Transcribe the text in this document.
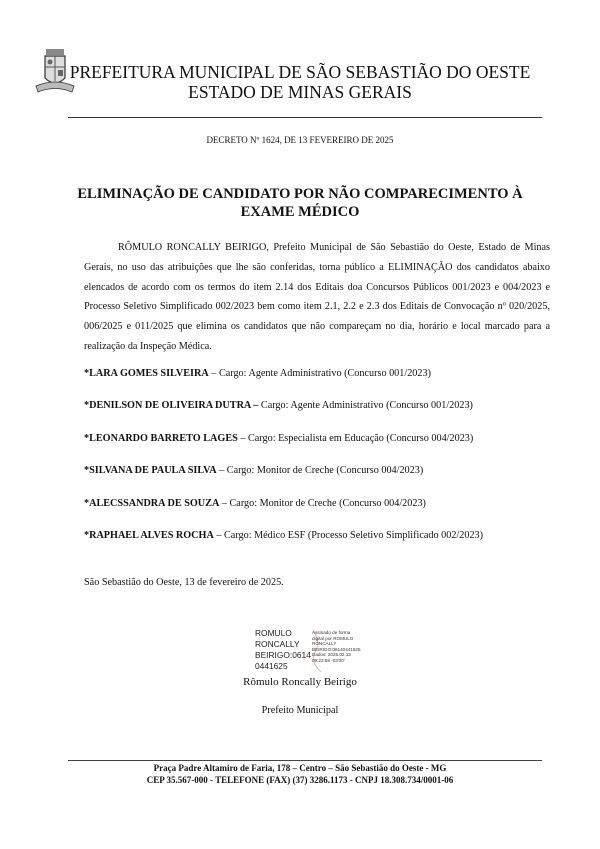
PREFEITURA MUNICIPAL DE SÃO SEBASTIÃO DO OESTE
ESTADO DE MINAS GERAIS
DECRETO Nº 1624, DE 13 FEVEREIRO DE 2025
ELIMINAÇÃO DE CANDIDATO POR NÃO COMPARECIMENTO À
EXAME MÉDICO
RÔMULO RONCALLY BEIRIGO, Prefeito Municipal de São Sebastião do Oeste, Estado de Minas Gerais, no uso das atribuições que lhe são conferidas, torna público a ELIMINAÇÃO dos candidatos abaixo elencados de acordo com os termos do item 2.14 dos Editais doa Concursos Públicos 001/2023 e 004/2023 e Processo Seletivo Simplificado 002/2023 bem como item 2.1, 2.2 e 2.3 dos Editais de Convocação nº 020/2025, 006/2025 e 011/2025 que elimina os candidatos que não compareçam no dia, horário e local marcado para a realização da Inspeção Médica.
*LARA GOMES SILVEIRA – Cargo: Agente Administrativo (Concurso 001/2023)
*DENILSON DE OLIVEIRA DUTRA – Cargo: Agente Administrativo (Concurso 001/2023)
*LEONARDO BARRETO LAGES – Cargo: Especialista em Educação (Concurso 004/2023)
*SILVANA DE PAULA SILVA – Cargo: Monitor de Creche (Concurso 004/2023)
*ALECSSANDRA DE SOUZA – Cargo: Monitor de Creche (Concurso 004/2023)
*RAPHAEL ALVES ROCHA – Cargo: Médico ESF (Processo Seletivo Simplificado 002/2023)
São Sebastião do Oeste, 13 de fevereiro de 2025.
ROMULO
RONCALLY
BEIRIGO:0614
0441625
Assinado de forma
digital por ROMULO
RONCALLY
BEIRIGO:06140441625
Dados: 2025.02.13
09:23:58 -03'00'
Rômulo Roncally Beirigo
Prefeito Municipal
Praça Padre Altamiro de Faria, 178 – Centro – São Sebastião do Oeste - MG
CEP 35.567-000 - TELEFONE (FAX) (37) 3286.1173 - CNPJ 18.308.734/0001-06
